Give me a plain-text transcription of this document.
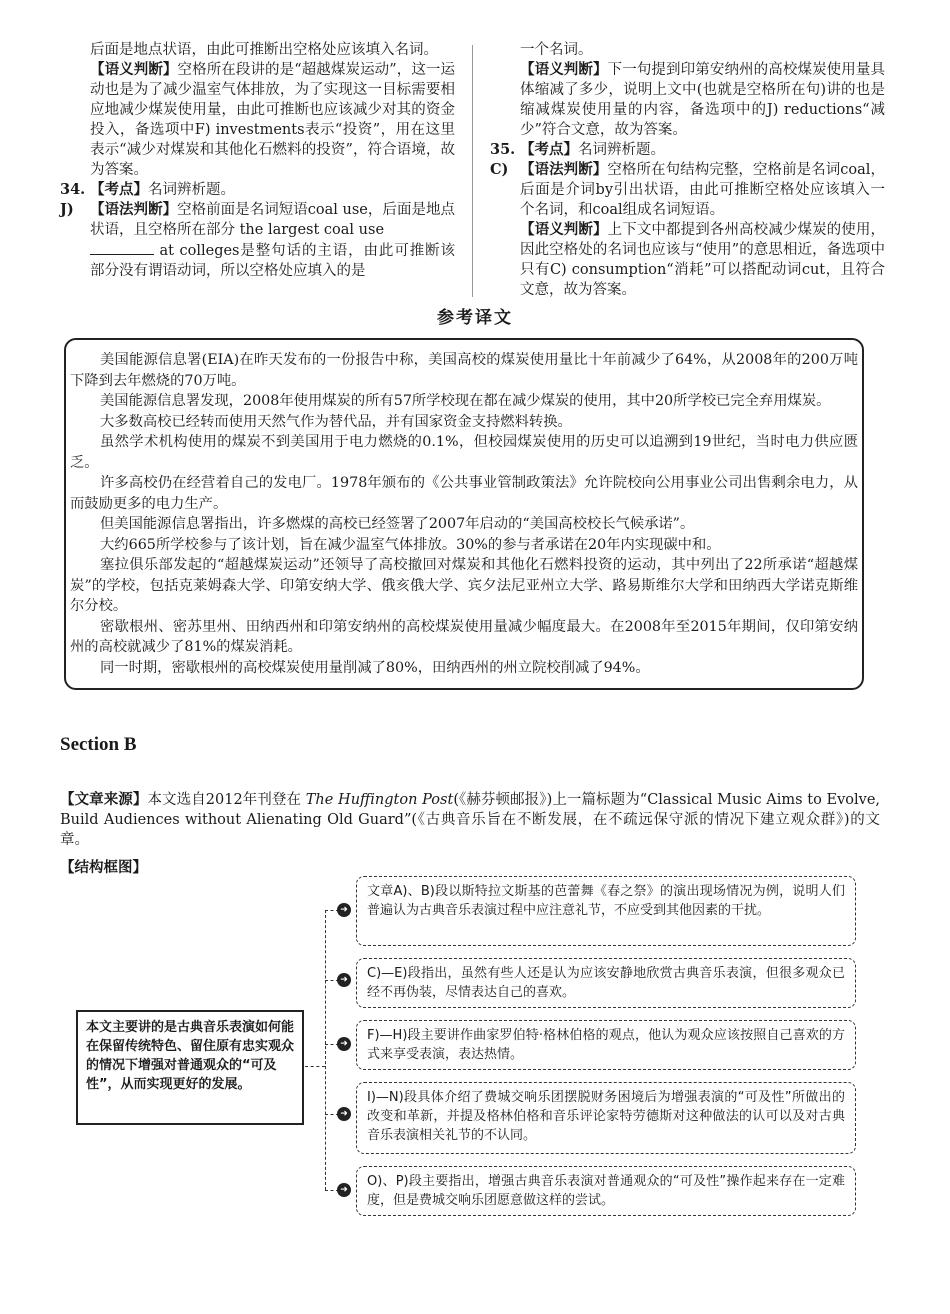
后面是地点状语，由此可推断出空格处应该填入名词。

【语义判断】空格所在段讲的是“超越煤炭运动”，这一运动也是为了减少温室气体排放，为了实现这一目标需要相应地减少煤炭使用量，由此可推断也应该减少对其的资金投入，备选项中F) investments表示“投资”，用在这里表示“减少对煤炭和其他化石燃料的投资”，符合语境，故为答案。

34. 【考点】名词辨析题。
J)	【语法判断】空格前面是名词短语coal use，后面是地点状语，且空格所在部分 the largest coal use
at colleges是整句话的主语，由此可推断该部分没有谓语动词，所以空格处应填入的是

一个名词。

【语义判断】下一句提到印第安纳州的高校煤炭使用量具体缩减了多少，说明上文中(也就是空格所在句)讲的也是缩减煤炭使用量的内容，备选项中的J) reductions“减少”符合文意，故为答案。

35. 【考点】名词辨析题。
C) 【语法判断】空格所在句结构完整，空格前是名词coal，后面是介词by引出状语，由此可推断空格处应该填入一个名词，和coal组成名词短语。

【语义判断】上下文中都提到各州高校减少煤炭的使用，因此空格处的名词也应该与“使用”的意思相近，备选项中只有C) consumption“消耗”可以搭配动词cut，且符合文意，故为答案。

参考译文

美国能源信息署(EIA)在昨天发布的一份报告中称，美国高校的煤炭使用量比十年前减少了64%，从2008年的200万吨下降到去年燃烧的70万吨。

美国能源信息署发现，2008年使用煤炭的所有57所学校现在都在减少煤炭的使用，其中20所学校已完全弃用煤炭。

大多数高校已经转而使用天然气作为替代品，并有国家资金支持燃料转换。

虽然学术机构使用的煤炭不到美国用于电力燃烧的0.1%，但校园煤炭使用的历史可以追溯到19世纪，当时电力供应匮乏。

许多高校仍在经营着自己的发电厂。1978年颁布的《公共事业管制政策法》允许院校向公用事业公司出售剩余电力，从而鼓励更多的电力生产。

但美国能源信息署指出，许多燃煤的高校已经签署了2007年启动的“美国高校校长气候承诺”。

大约665所学校参与了该计划，旨在减少温室气体排放。30%的参与者承诺在20年内实现碳中和。

塞拉俱乐部发起的“超越煤炭运动”还领导了高校撤回对煤炭和其他化石燃料投资的运动，其中列出了22所承诺“超越煤炭”的学校，包括克莱姆森大学、印第安纳大学、俄亥俄大学、宾夕法尼亚州立大学、路易斯维尔大学和田纳西大学诺克斯维尔分校。

密歇根州、密苏里州、田纳西州和印第安纳州的高校煤炭使用量减少幅度最大。在2008年至2015年期间，仅印第安纳州的高校就减少了81%的煤炭消耗。

同一时期，密歇根州的高校煤炭使用量削减了80%，田纳西州的州立院校削减了94%。

Section B

【文章来源】本文选自2012年刊登在 The Huffington Post(《赫芬顿邮报》)上一篇标题为“Classical Music Aims to Evolve, Build Audiences without Alienating Old Guard”(《古典音乐旨在不断发展，在不疏远保守派的情况下建立观众群》)的文章。

【结构框图】
本文主要讲的是古典音乐表演如何能在保留传统特色、留住原有忠实观众的情况下增强对普通观众的“可及性”，从而实现更好的发展。
➜
文章A)、B)段以斯特拉文斯基的芭蕾舞《春之祭》的演出现场情况为例，说明人们普遍认为古典音乐表演过程中应注意礼节，不应受到其他因素的干扰。
➜	C)—E)段指出，虽然有些人还是认为应该安静地欣赏古典音乐表演，但很多观众已经不再伪装，尽情表达自己的喜欢。
➜
F)—H)段主要讲作曲家罗伯特·格林伯格的观点，他认为观众应该按照自己喜欢的方式来享受表演，表达热情。
➜
I)—N)段具体介绍了费城交响乐团摆脱财务困境后为增强表演的“可及性”所做出的改变和革新，并提及格林伯格和音乐评论家特劳德斯对这种做法的认可以及对古典音乐表演相关礼节的不认同。
➜
O)、P)段主要指出，增强古典音乐表演对普通观众的“可及性”操作起来存在一定难度，但是费城交响乐团愿意做这样的尝试。
